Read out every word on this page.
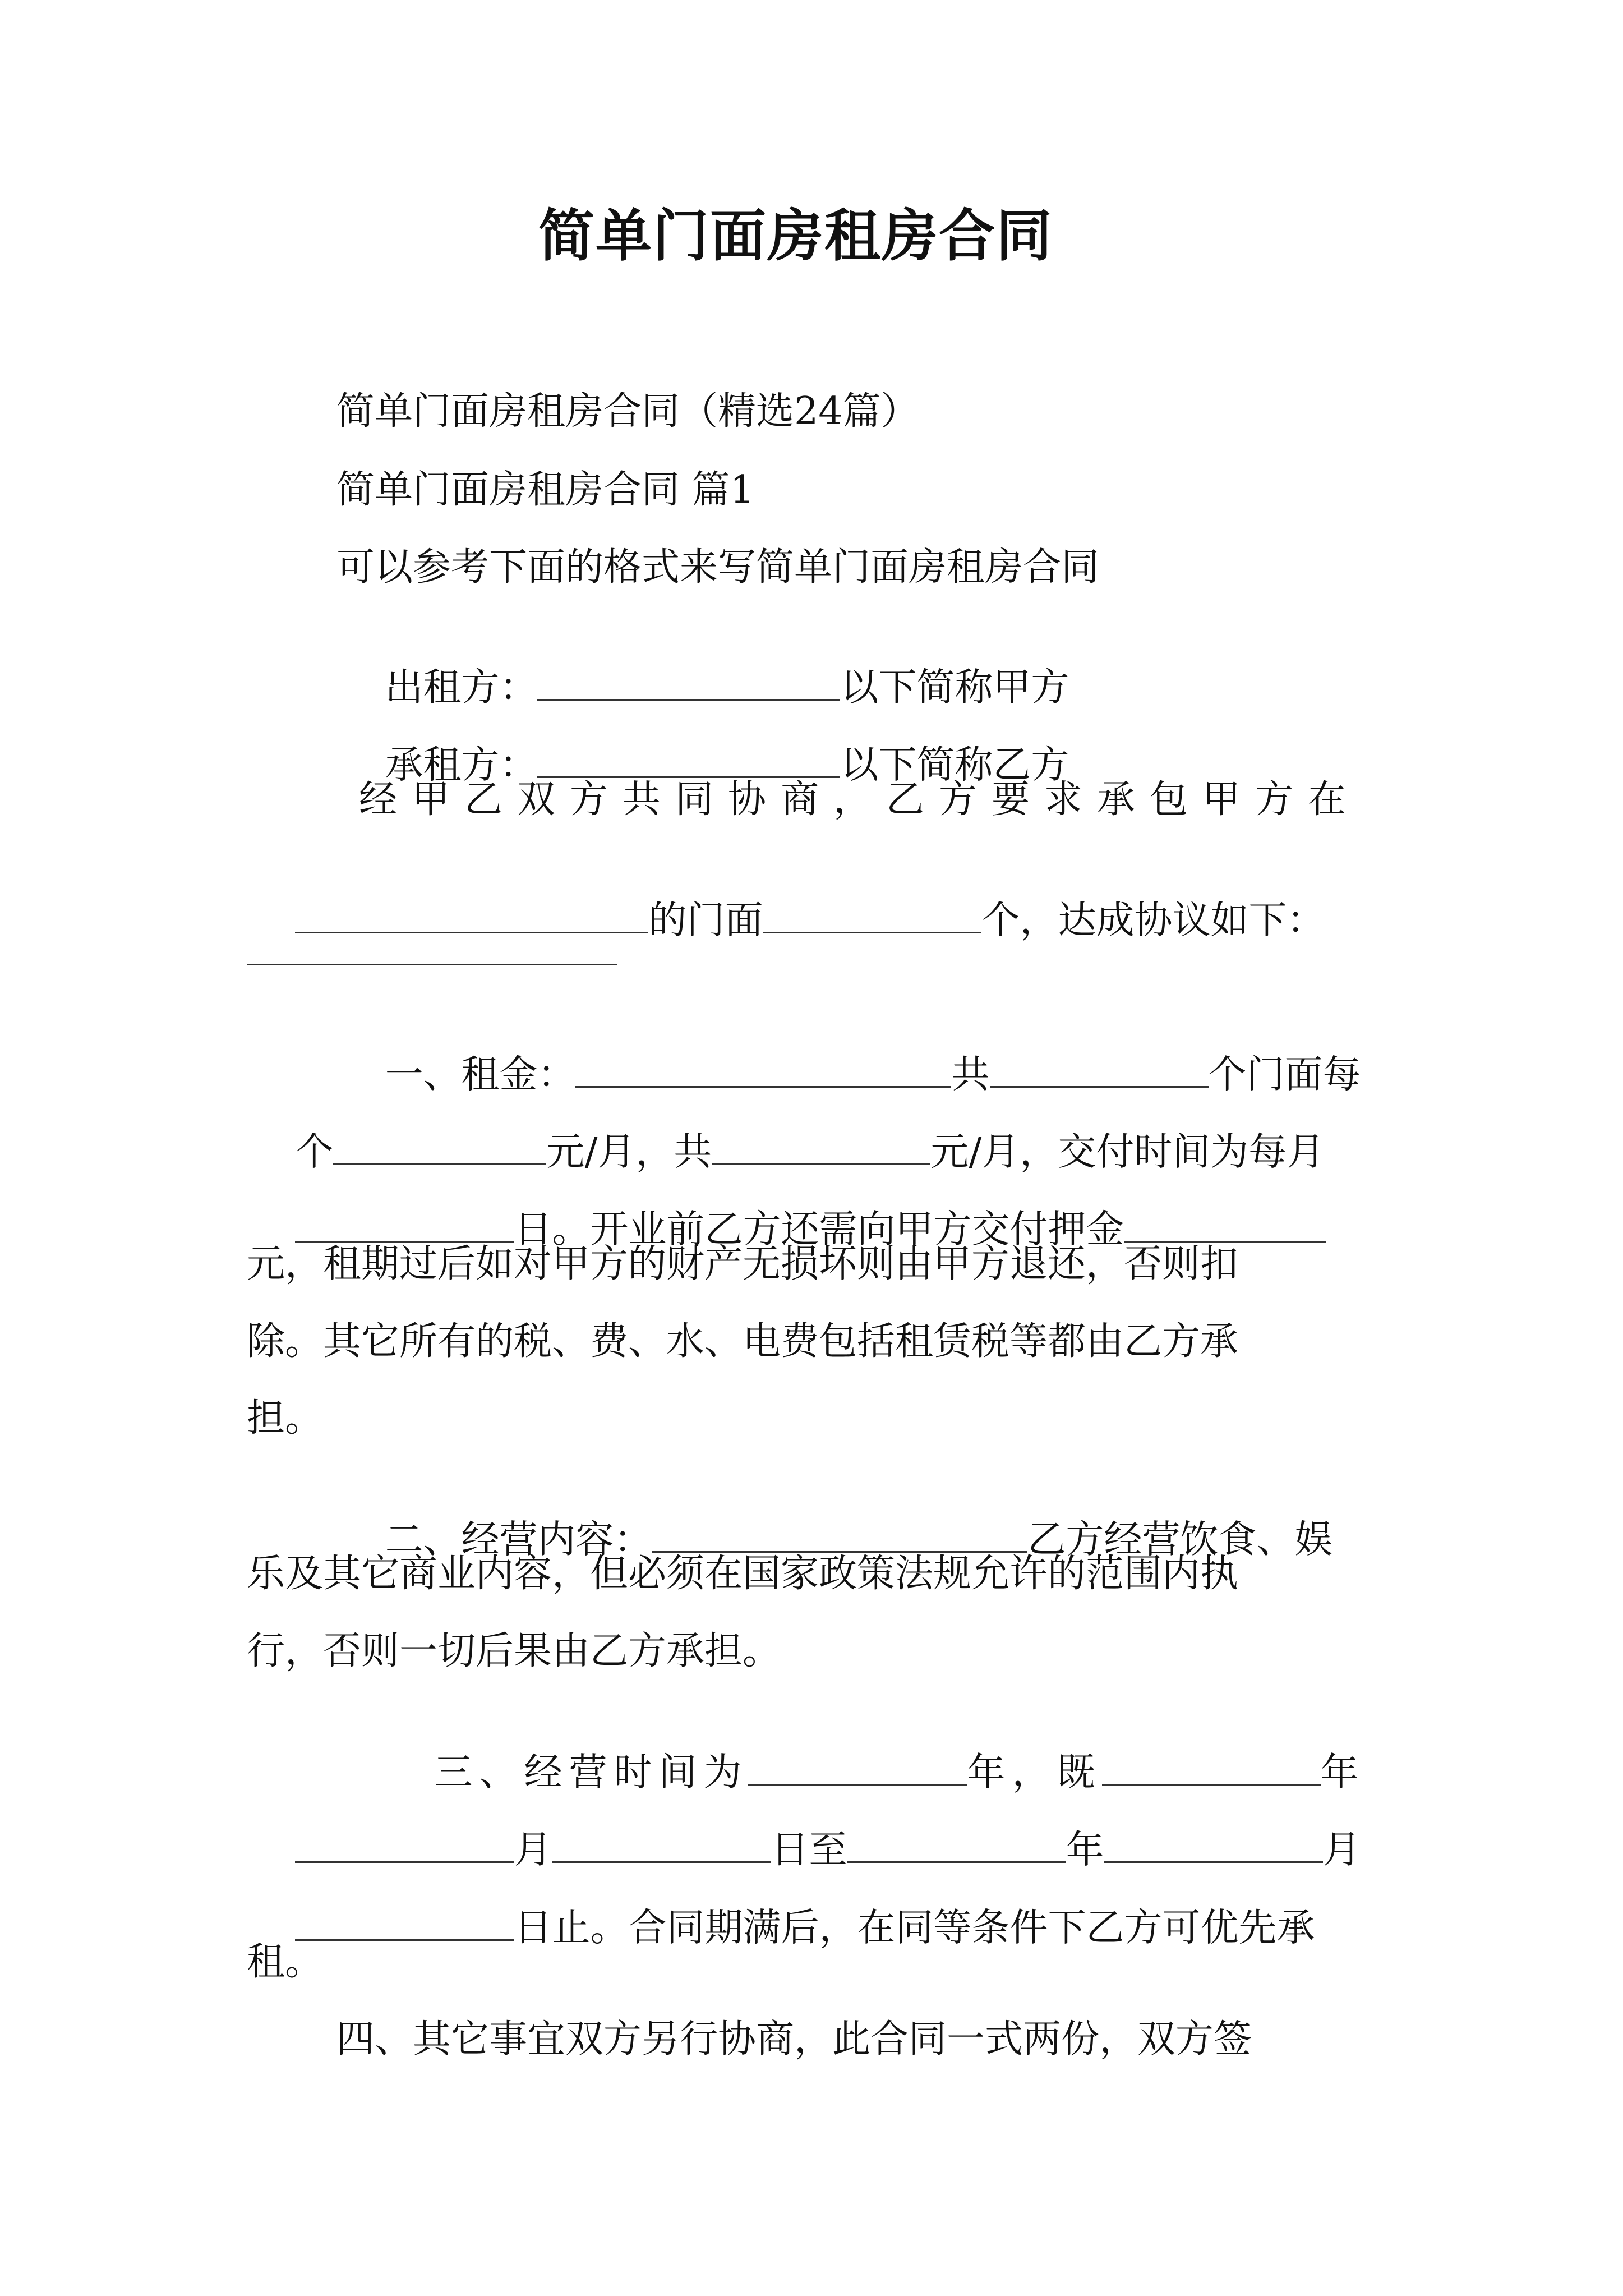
简单门面房租房合同
简单门面房租房合同（精选24篇）
简单门面房租房合同 篇1
可以参考下面的格式来写简单门面房租房合同

出租方：	以下简称甲方

承租方：	以下简称乙方

经甲乙双方共同协商，乙方要求承包甲方在

的门面	个，达成协议如下：

一、租金：	共	个门面每

个	元/月，共	元/月，交付时间为每月

日。开业前乙方还需向甲方交付押金

元，租期过后如对甲方的财产无损坏则由甲方退还，否则扣
除。其它所有的税、费、水、电费包括租赁税等都由乙方承
担。

二、经营内容：	乙方经营饮食、娱

乐及其它商业内容，但必须在国家政策法规允许的范围内执
行，否则一切后果由乙方承担。

三、经营时间为	年，既	年

月	日至	年	月

日止。合同期满后，在同等条件下乙方可优先承

租。
四、其它事宜双方另行协商，此合同一式两份，双方签
